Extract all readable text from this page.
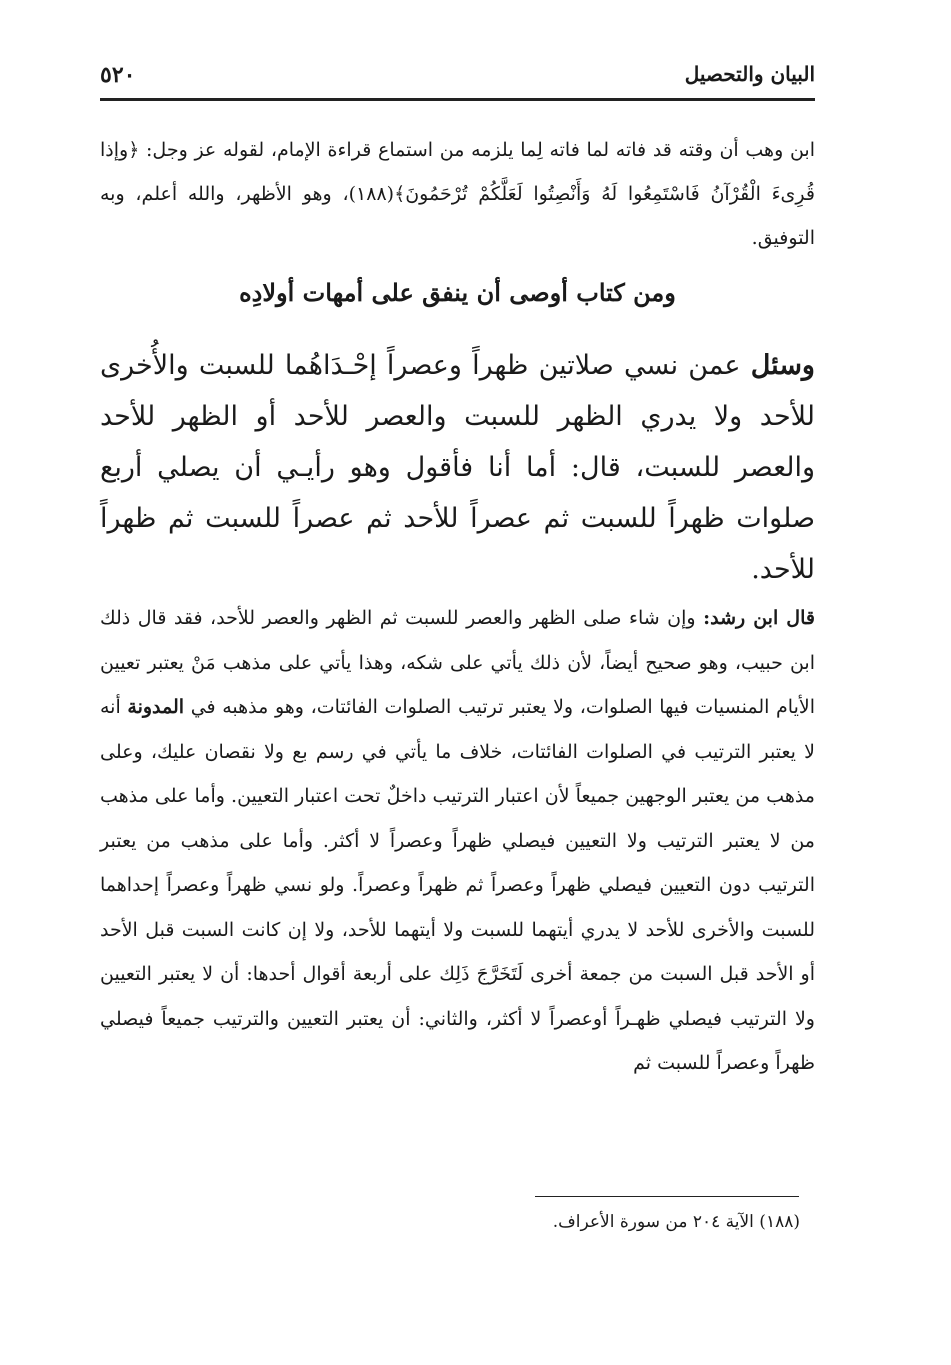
البيان والتحصيل
٥٢٠

ابن وهب أن وقته قد فاته لما فاته لِما يلزمه من استماع قراءة الإمام، لقوله عز وجل: ﴿وإذا قُرِىءَ الْقُرْآنُ فَاسْتَمِعُوا لَهُ وَأَنْصِتُوا لَعَلَّكُمْ تُرْحَمُونَ﴾(١٨٨)، وهو الأظهر، والله أعلم، وبه التوفيق.

ومن كتاب أوصى أن ينفق على أمهات أولادِه

وسئل عمن نسي صلاتين ظهراً وعصراً إحْـدَاهُما للسبت والأُخرى للأحد ولا يدري الظهر للسبت والعصر للأحد أو الظهر للأحد والعصر للسبت، قال: أما أنا فأقول وهو رأيـي أن يصلي أربع صلوات ظهراً للسبت ثم عصراً للأحد ثم عصراً للسبت ثم ظهراً للأحد.

قال ابن رشد: وإن شاء صلى الظهر والعصر للسبت ثم الظهر والعصر للأحد، فقد قال ذلك ابن حبيب، وهو صحيح أيضاً، لأن ذلك يأتي على شكه، وهذا يأتي على مذهب مَنْ يعتبر تعيين الأيام المنسيات فيها الصلوات، ولا يعتبر ترتيب الصلوات الفائتات، وهو مذهبه في المدونة أنه لا يعتبر الترتيب في الصلوات الفائتات، خلاف ما يأتي في رسم بع ولا نقصان عليك، وعلى مذهب من يعتبر الوجهين جميعاً لأن اعتبار الترتيب داخلٌ تحت اعتبار التعيين. وأما على مذهب من لا يعتبر الترتيب ولا التعيين فيصلي ظهراً وعصراً لا أكثر. وأما على مذهب من يعتبر الترتيب دون التعيين فيصلي ظهراً وعصراً ثم ظهراً وعصراً. ولو نسي ظهراً وعصراً إحداهما للسبت والأخرى للأحد لا يدري أيتهما للسبت ولا أيتهما للأحد، ولا إن كانت السبت قبل الأحد أو الأحد قبل السبت من جمعة أخرى لَتَخَرَّجَ ذَلِك على أربعة أقوال أحدها: أن لا يعتبر التعيين ولا الترتيب فيصلي ظهـراً أوعصراً لا أكثر، والثاني: أن يعتبر التعيين والترتيب جميعاً فيصلي ظهراً وعصراً للسبت ثم

(١٨٨) الآية ٢٠٤ من سورة الأعراف.
